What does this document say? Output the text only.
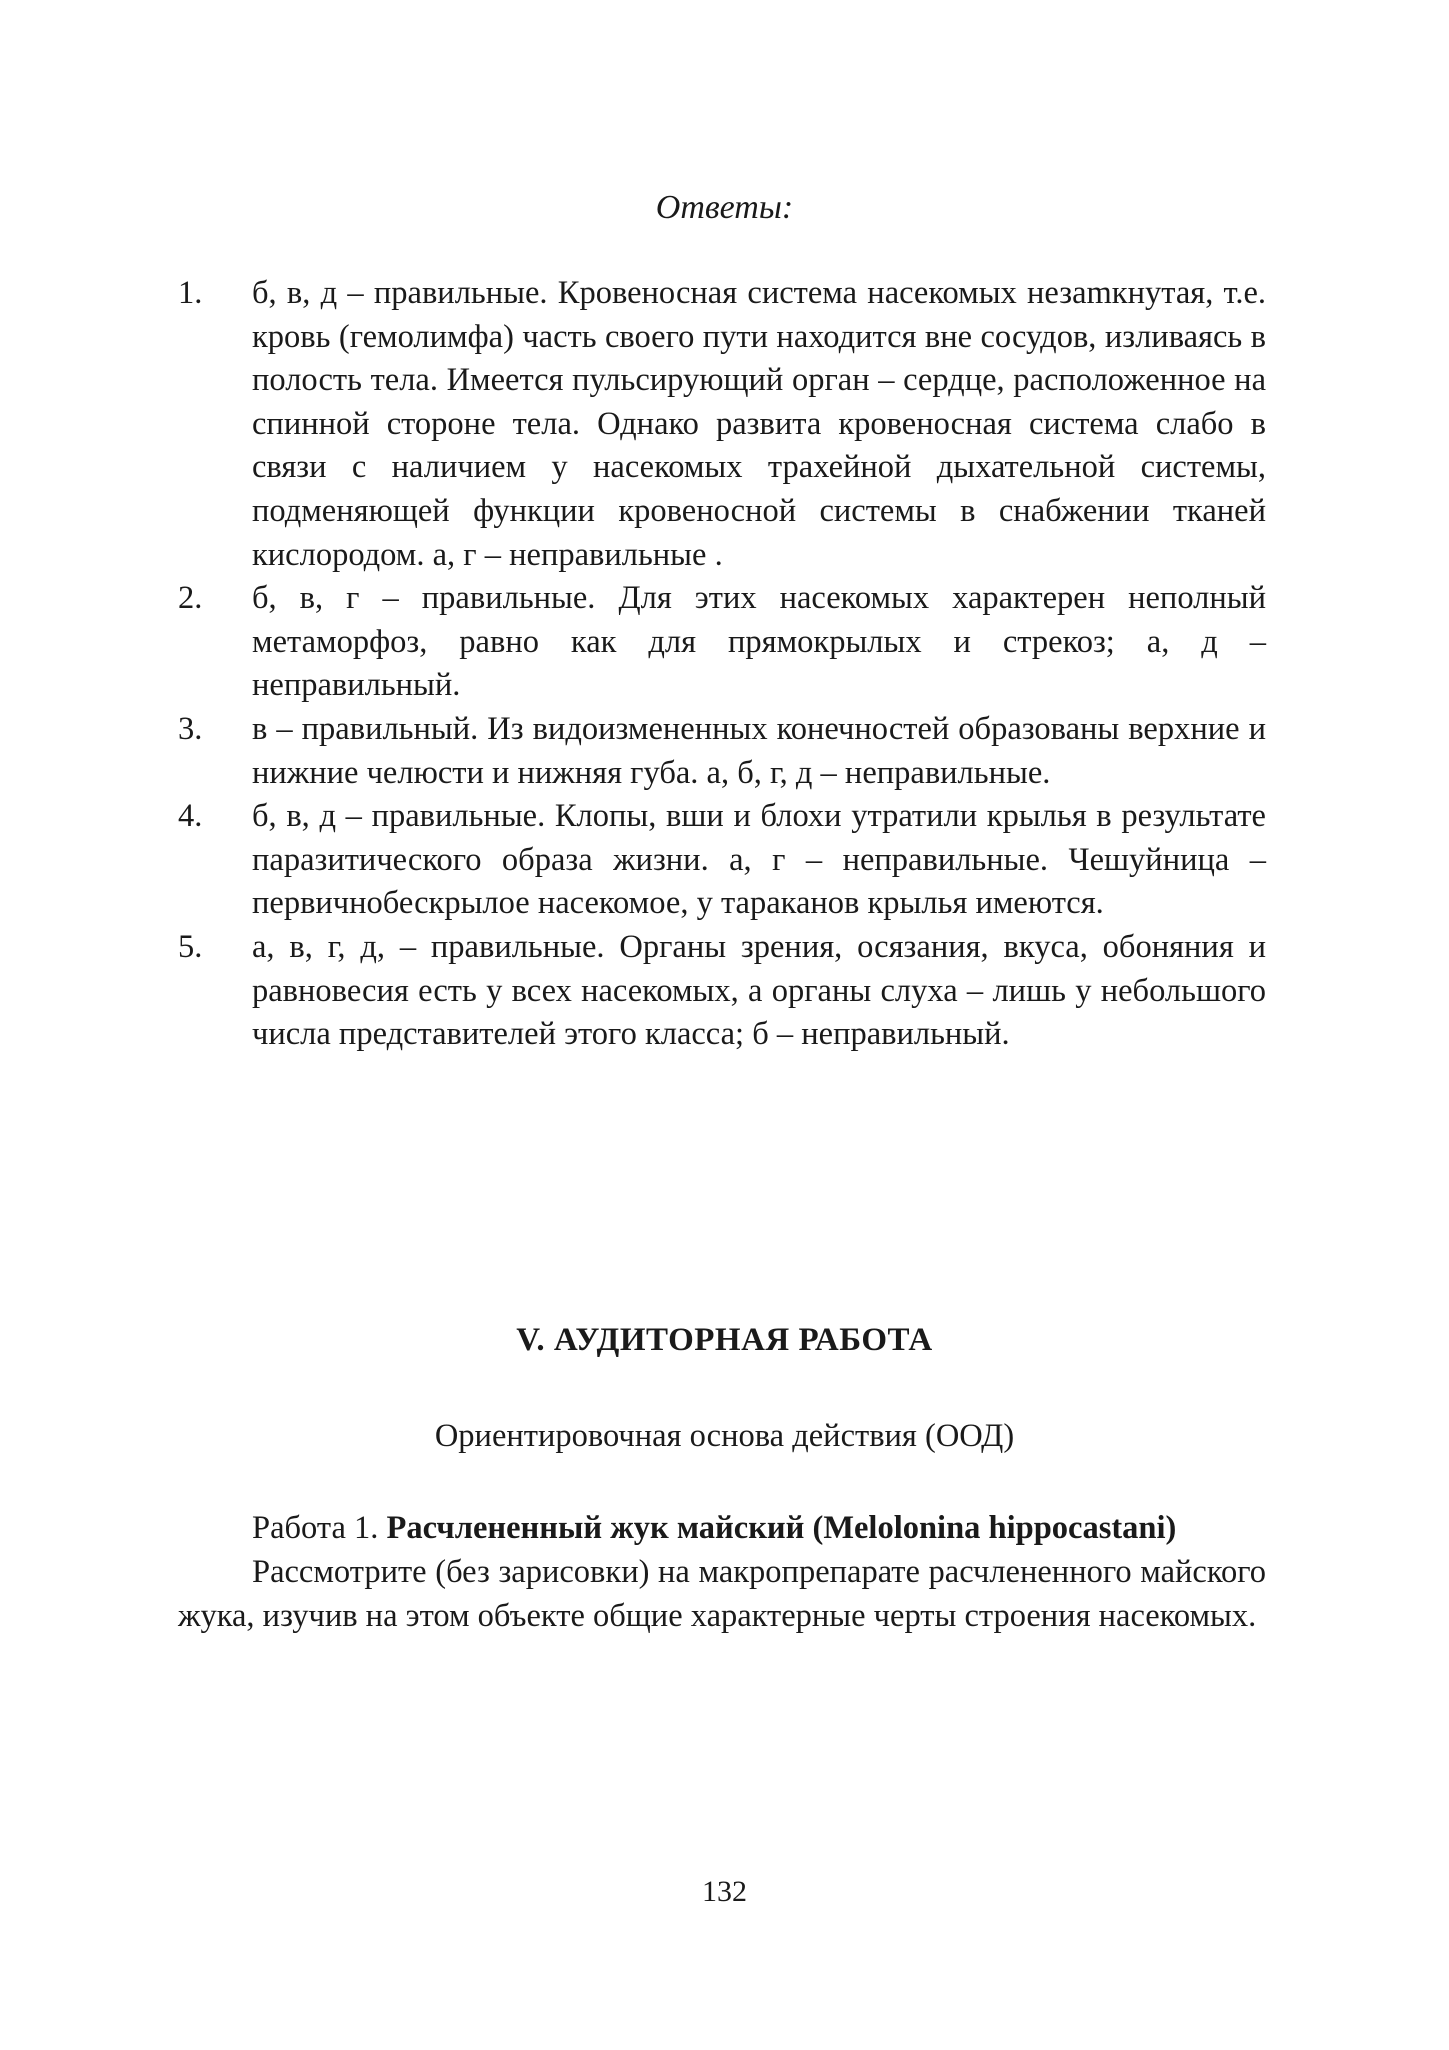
Ответы:
1.	б, в, д – правильные. Кровеносная система насекомых незаmкнутая, т.е. кровь (гемолимфа) часть своего пути находится вне сосудов, изливаясь в полость тела. Имеется пульсирующий орган – сердце, расположенное на спинной стороне тела. Однако развита кровеносная система слабо в связи с наличием у насекомых трахейной дыхательной системы, подменяющей функции кровеносной системы в снабжении тканей кислородом. а, г – неправильные .
2.	б, в, г – правильные. Для этих насекомых характерен неполный метаморфоз, равно как для прямокрылых и стрекоз; а, д – неправильный.
3.	в – правильный. Из видоизмененных конечностей образованы верхние и нижние челюсти и нижняя губа. а, б, г, д – неправильные.
4.	б, в, д – правильные. Клопы, вши и блохи утратили крылья в результате паразитического образа жизни. а, г – неправильные. Чешуйница – первичнобескрылое насекомое, у тараканов крылья имеются.
5.	а, в, г, д, – правильные. Органы зрения, осязания, вкуса, обоняния и равновесия есть у всех насекомых, а органы слуха – лишь у небольшого числа представителей этого класса; б – неправильный.
V. АУДИТОРНАЯ РАБОТА
Ориентировочная основа действия (ООД)

Работа 1. Расчлененный жук майский (Melolonina hippocastani)

Рассмотрите (без зарисовки) на макропрепарате расчлененного майского жука, изучив на этом объекте общие характерные черты строения насекомых.

132
